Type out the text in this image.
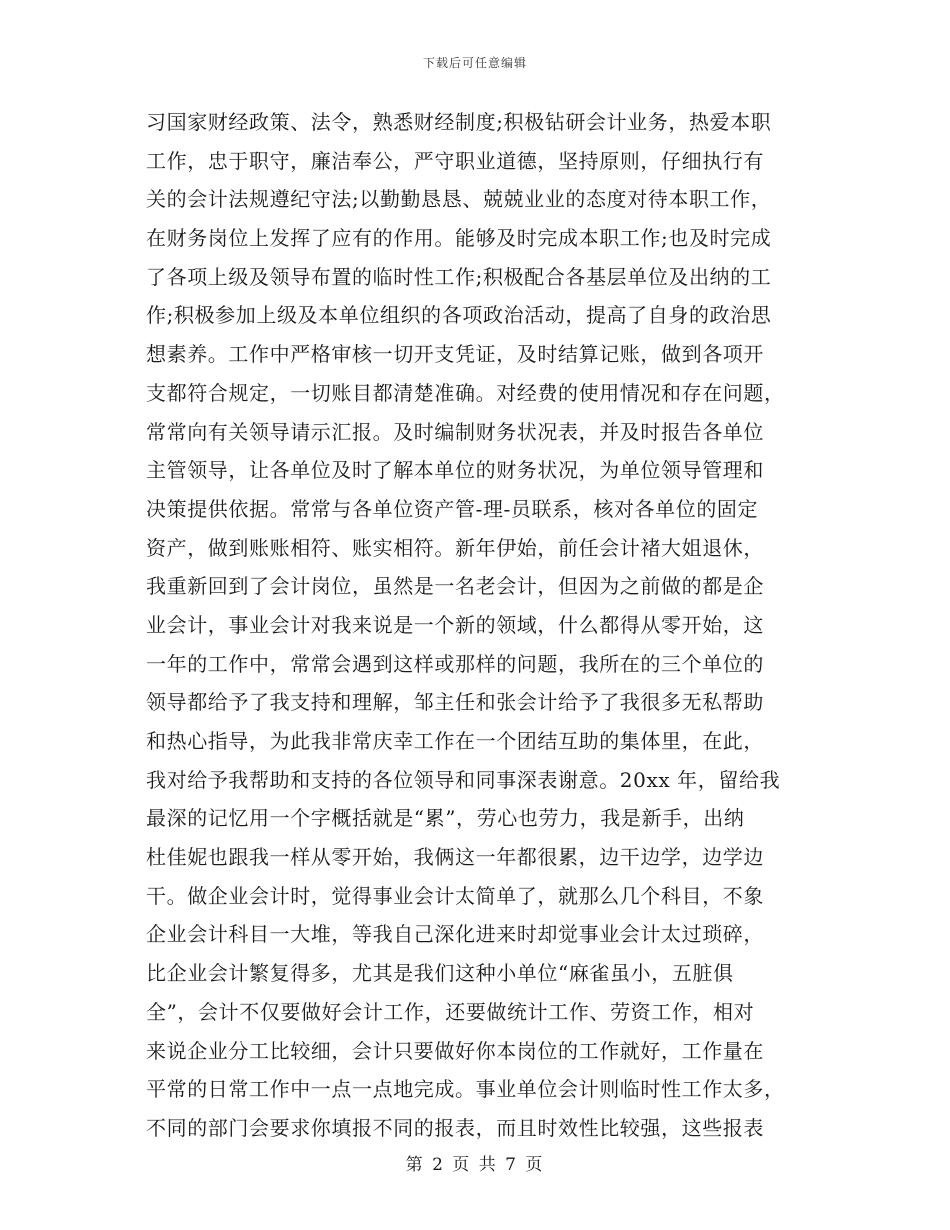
下载后可任意编辑
习国家财经政策、法令，熟悉财经制度;积极钻研会计业务，热爱本职
工作，忠于职守，廉洁奉公，严守职业道德，坚持原则，仔细执行有
关的会计法规遵纪守法;以勤勤恳恳、兢兢业业的态度对待本职工作，
在财务岗位上发挥了应有的作用。能够及时完成本职工作;也及时完成
了各项上级及领导布置的临时性工作;积极配合各基层单位及出纳的工
作;积极参加上级及本单位组织的各项政治活动，提高了自身的政治思
想素养。工作中严格审核一切开支凭证，及时结算记账，做到各项开
支都符合规定，一切账目都清楚准确。对经费的使用情况和存在问题，
常常向有关领导请示汇报。及时编制财务状况表，并及时报告各单位
主管领导，让各单位及时了解本单位的财务状况，为单位领导管理和
决策提供依据。常常与各单位资产管-理-员联系，核对各单位的固定
资产，做到账账相符、账实相符。新年伊始，前任会计褚大姐退休，
我重新回到了会计岗位，虽然是一名老会计，但因为之前做的都是企
业会计，事业会计对我来说是一个新的领域，什么都得从零开始，这
一年的工作中，常常会遇到这样或那样的问题，我所在的三个单位的
领导都给予了我支持和理解，邹主任和张会计给予了我很多无私帮助
和热心指导，为此我非常庆幸工作在一个团结互助的集体里，在此，
我对给予我帮助和支持的各位领导和同事深表谢意。20xx 年，留给我
最深的记忆用一个字概括就是“累”，劳心也劳力，我是新手，出纳
杜佳妮也跟我一样从零开始，我俩这一年都很累，边干边学，边学边
干。做企业会计时，觉得事业会计太简单了，就那么几个科目，不象
企业会计科目一大堆，等我自己深化进来时却觉事业会计太过琐碎，
比企业会计繁复得多，尤其是我们这种小单位“麻雀虽小，五脏俱
全”，会计不仅要做好会计工作，还要做统计工作、劳资工作，相对
来说企业分工比较细，会计只要做好你本岗位的工作就好，工作量在
平常的日常工作中一点一点地完成。事业单位会计则临时性工作太多，
不同的部门会要求你填报不同的报表，而且时效性比较强，这些报表
第 2 页 共 7 页
